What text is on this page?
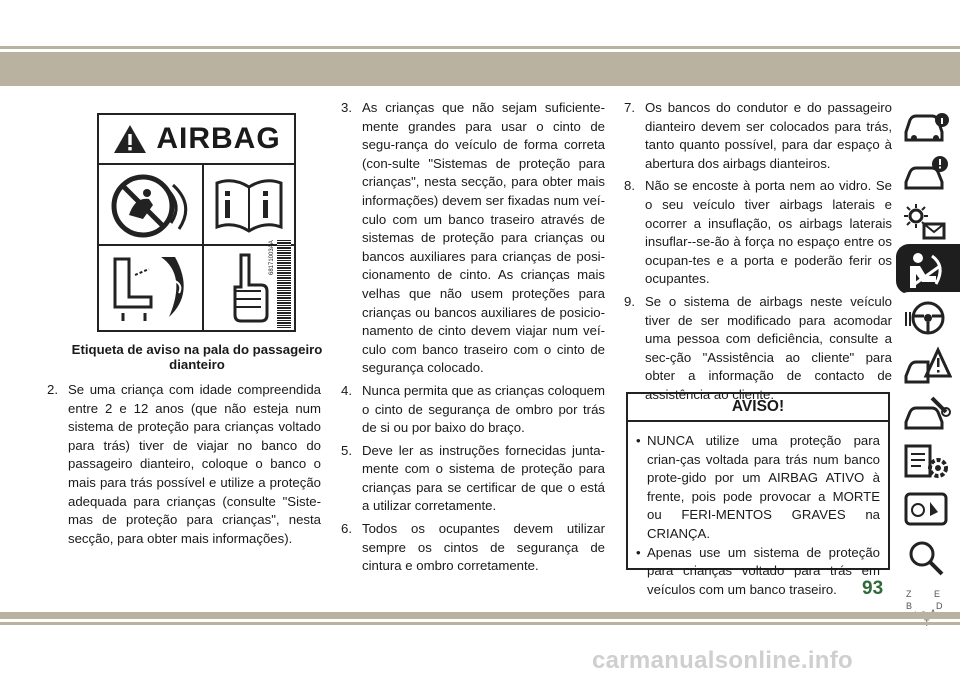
AIRBAG
68171003AA
Etiqueta de aviso na pala do passageiro dianteiro
2. Se uma criança com idade compreendida entre 2 e 12 anos (que não esteja num sistema de proteção para crianças voltado para trás) tiver de viajar no banco do passageiro dianteiro, coloque o banco o mais para trás possível e utilize a proteção adequada para crianças (consulte "Siste-mas de proteção para crianças", nesta secção, para obter mais informações).
3. As crianças que não sejam suficiente-mente grandes para usar o cinto de segu-rança do veículo de forma correta (con-sulte "Sistemas de proteção para crianças", nesta secção, para obter mais informações) devem ser fixadas num veí-culo com um banco traseiro através de sistemas de proteção para crianças ou bancos auxiliares para crianças de posi-cionamento de cinto. As crianças mais velhas que não usem proteções para crianças ou bancos auxiliares de posicio-namento de cinto devem viajar num veí-culo com banco traseiro com o cinto de segurança colocado.
4. Nunca permita que as crianças coloquem o cinto de segurança de ombro por trás de si ou por baixo do braço.
5. Deve ler as instruções fornecidas junta-mente com o sistema de proteção para crianças para se certificar de que o está a utilizar corretamente.
6. Todos os ocupantes devem utilizar sempre os cintos de segurança de cintura e ombro corretamente.
7. Os bancos do condutor e do passageiro dianteiro devem ser colocados para trás, tanto quanto possível, para dar espaço à abertura dos airbags dianteiros.
8. Não se encoste à porta nem ao vidro. Se o seu veículo tiver airbags laterais e ocorrer a insuflação, os airbags laterais insuflar--se-ão à força no espaço entre os ocupan-tes e a porta e poderão ferir os ocupantes.
9. Se o sistema de airbags neste veículo tiver de ser modificado para acomodar uma pessoa com deficiência, consulte a sec-ção "Assistência ao cliente" para obter a informação de contacto de assistência ao cliente.
AVISO!
• NUNCA utilize uma proteção para crian-ças voltada para trás num banco prote-gido por um AIRBAG ATIVO à frente, pois pode provocar a MORTE ou FERI-MENTOS GRAVES na CRIANÇA.
• Apenas use um sistema de proteção para crianças voltado para trás em veículos com um banco traseiro.	Z	E
B	D
93
carmanualsonline.info
